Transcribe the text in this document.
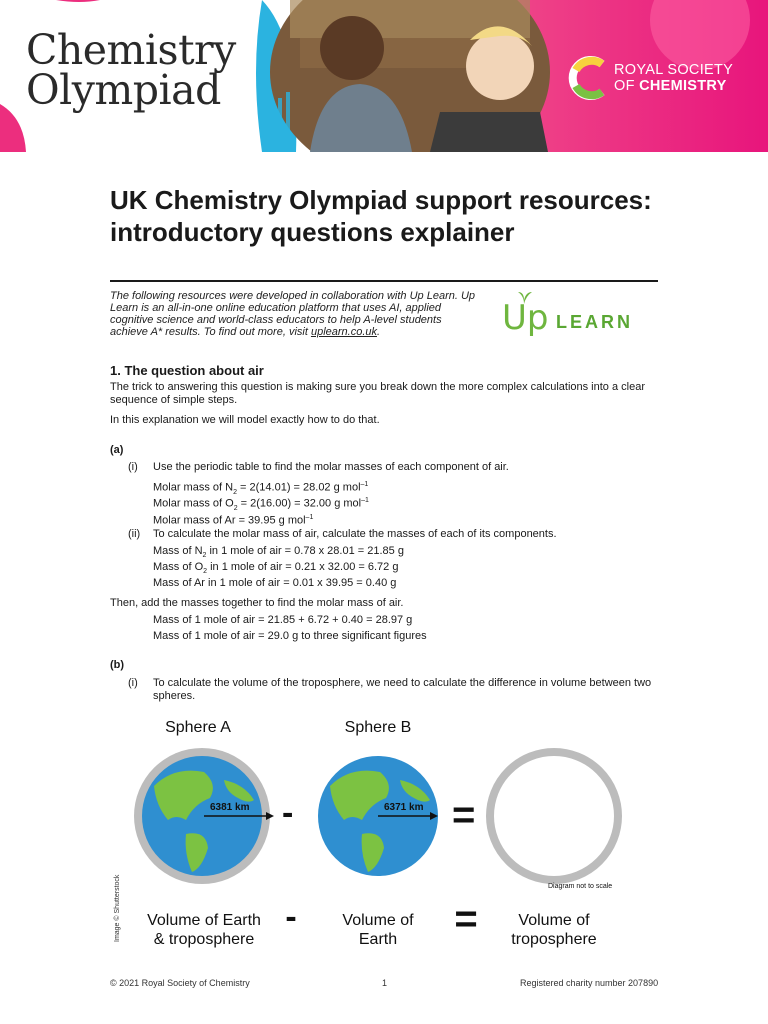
Chemistry
Olympiad	ROYAL SOCIETY
OF CHEMISTRY
UK Chemistry Olympiad support resources: introductory questions explainer
The following resources were developed in collaboration with Up Learn. Up Learn is an all-in-one online education platform that uses AI, applied cognitive science and world-class educators to help A-level students achieve A* results. To find out more, visit uplearn.co.uk.	Up LEARN
1. The question about air
The trick to answering this question is making sure you break down the more complex calculations into a clear sequence of simple steps.
In this explanation we will model exactly how to do that.
(a)
(i) Use the periodic table to find the molar masses of each component of air.
Molar mass of $N_2 = 2(14.01) = 28.02$ g mol$^{-1}$
Molar mass of $O_2 = 2(16.00) = 32.00$ g mol$^{-1}$
Molar mass of Ar = 39.95 g mol$^{-1}$
(ii) To calculate the molar mass of air, calculate the masses of each of its components.
Mass of $N_2$ in 1 mole of air = 0.78 x 28.01 = 21.85 g
Mass of $O_2$ in 1 mole of air = 0.21 x 32.00 = 6.72 g
Mass of Ar in 1 mole of air = 0.01 x 39.95 = 0.40 g
Then, add the masses together to find the molar mass of air.
Mass of 1 mole of air = 21.85 + 6.72 + 0.40 = 28.97 g
Mass of 1 mole of air = 29.0 g to three significant figures
(b)
(i) To calculate the volume of the troposphere, we need to calculate the difference in volume between two spheres.
Sphere A	Sphere B
6381 km -	6371 km =
Diagram not to scale
Volume of Earth
& troposphere
-	Volume of
Earth	=	Volume of
troposphere
Image © Shutterstock
© 2021 Royal Society of Chemistry	1	Registered charity number 207890
